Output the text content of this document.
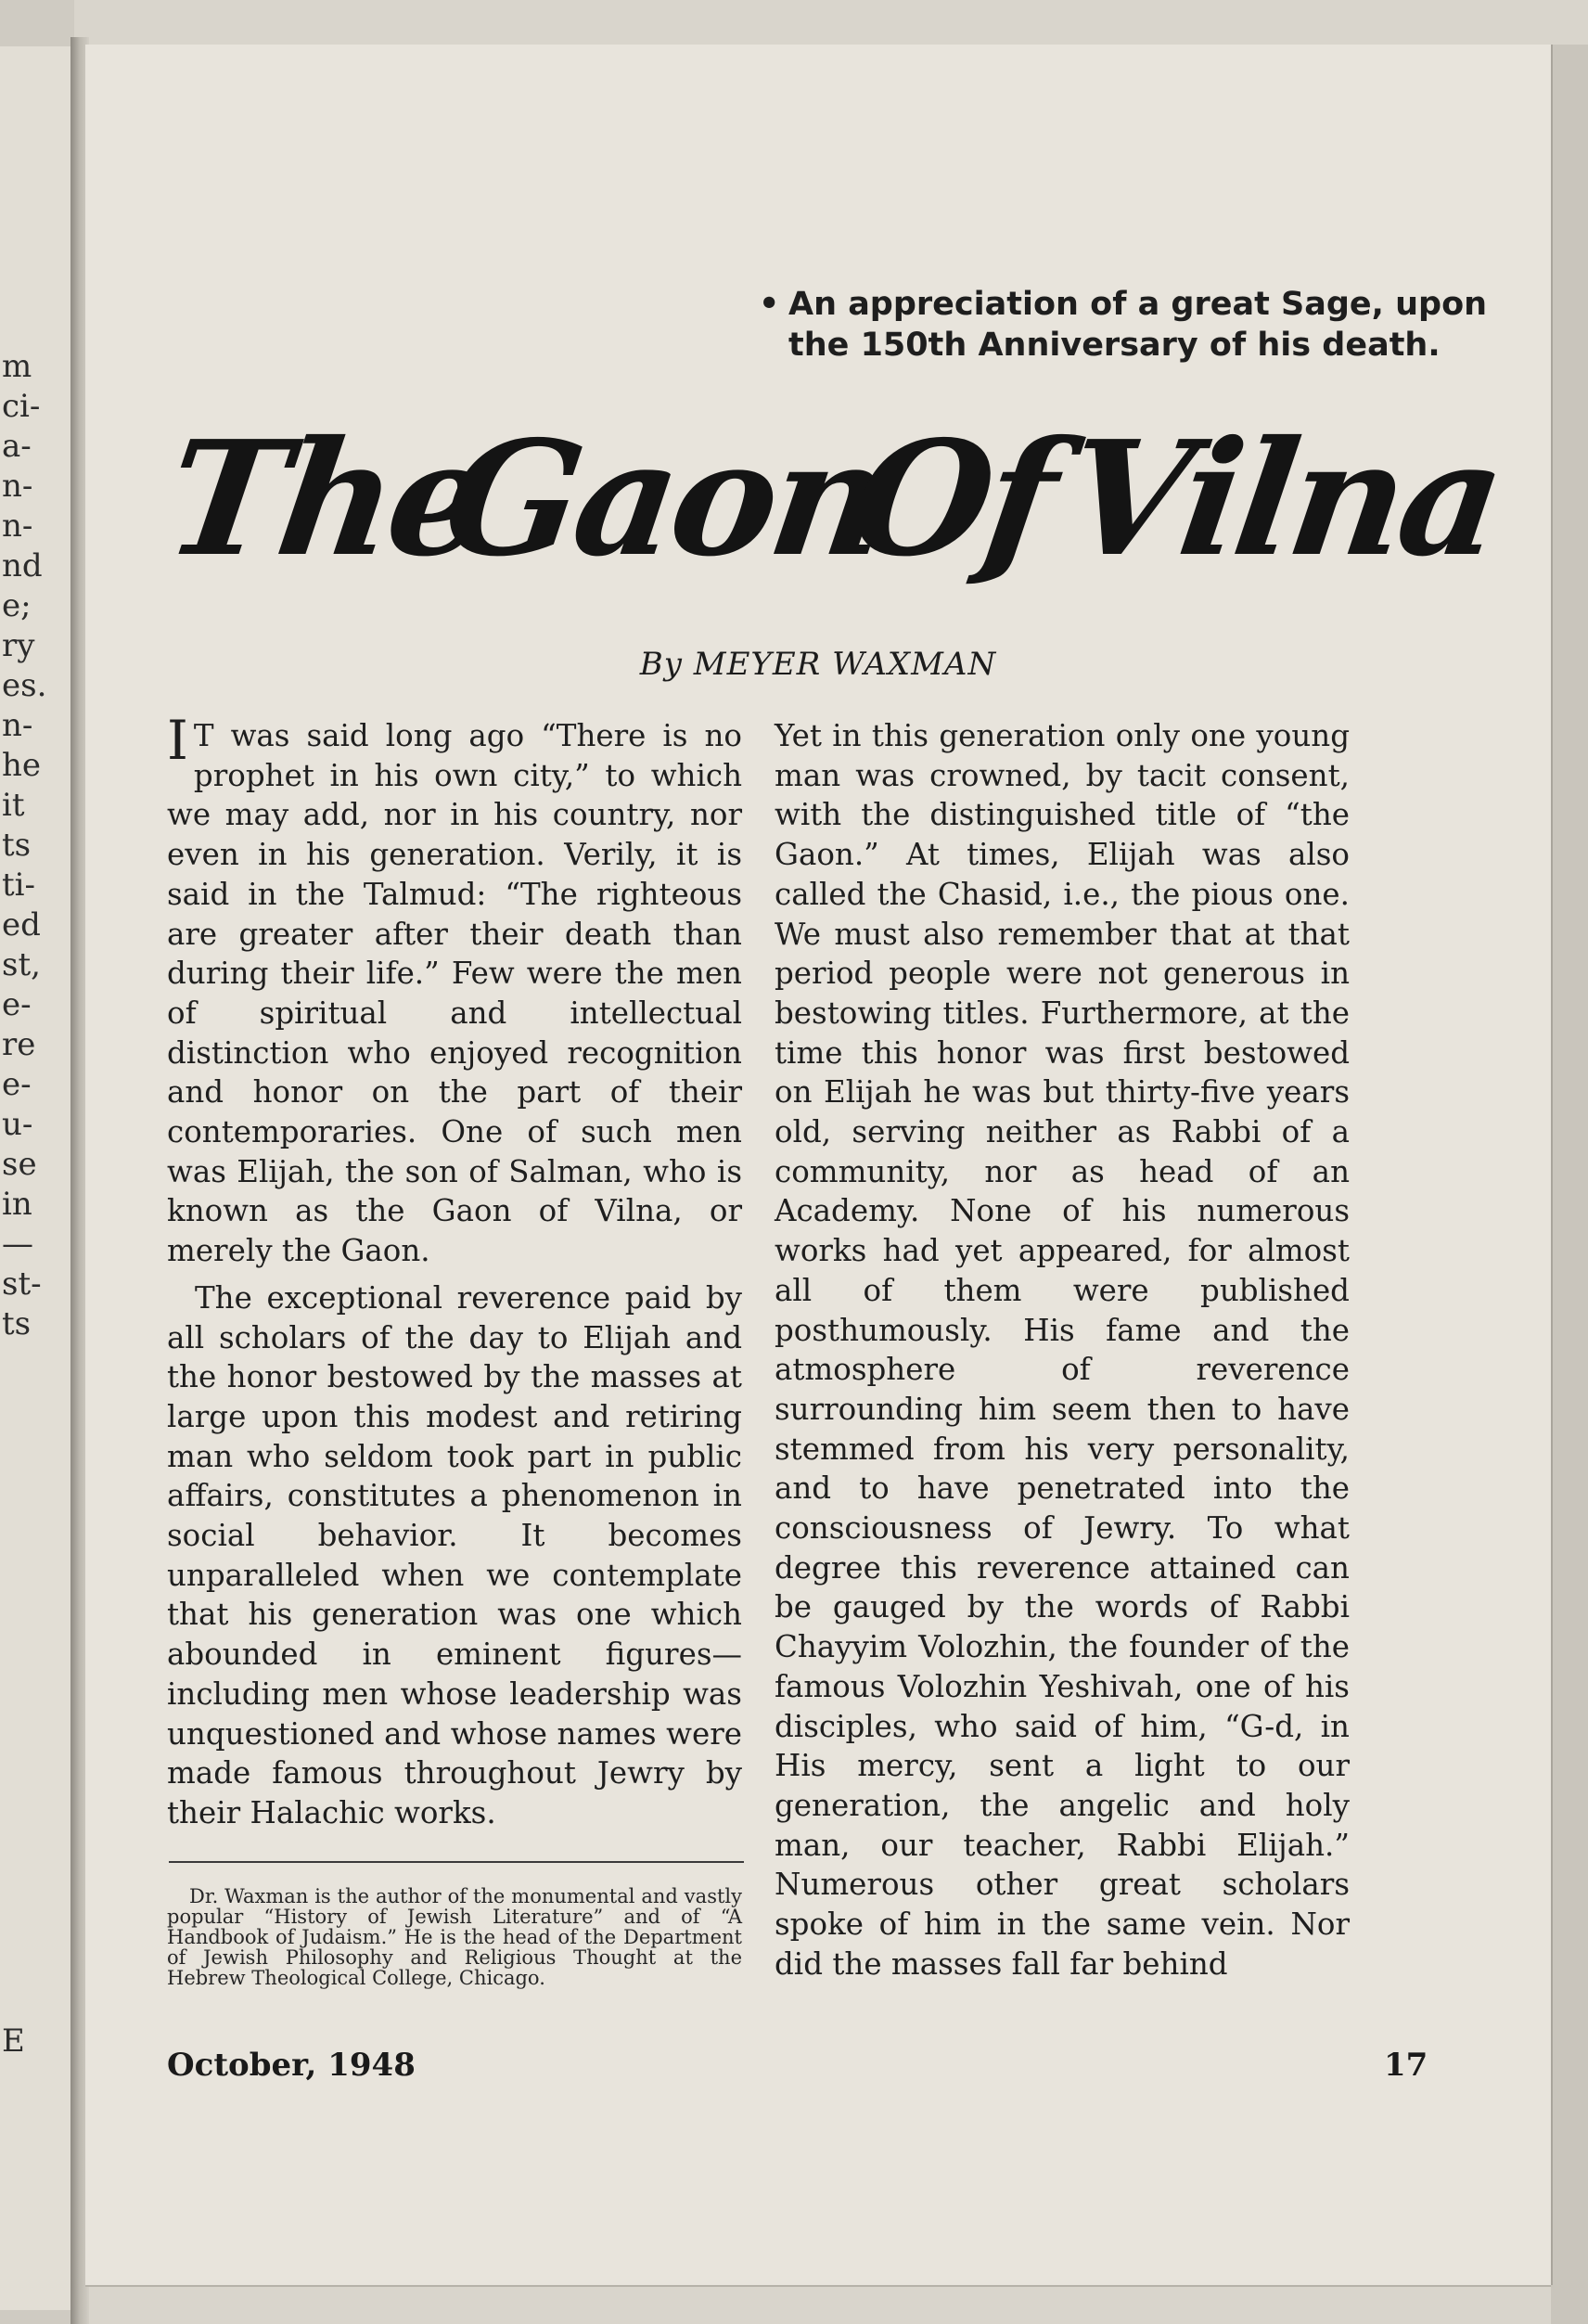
m
ci-
a-
n-
n-
nd
e;
ry
es.
n-
he
it
ts
ti-
ed
st,
e-
re
e-
u-
se
in
—
st-
ts
E
• An appreciation of a great Sage, upon the 150th Anniversary of his death.
The
Gaon
Of
Vilna
By MEYER WAXMAN

IT was said long ago “There is no prophet in his own city,” to which we may add, nor in his country, nor even in his generation. Verily, it is said in the Talmud: “The righteous are greater after their death than during their life.” Few were the men of spiritual and intellectual distinction who enjoyed recognition and honor on the part of their contemporaries. One of such men was Elijah, the son of Salman, who is known as the Gaon of Vilna, or merely the Gaon.

The exceptional reverence paid by all scholars of the day to Elijah and the honor bestowed by the masses at large upon this modest and retiring man who seldom took part in public affairs, constitutes a phenomenon in social behavior. It becomes unparalleled when we contemplate that his generation was one which abounded in eminent figures—including men whose leadership was unquestioned and whose names were made famous throughout Jewry by their Halachic works.

Yet in this generation only one young man was crowned, by tacit consent, with the distinguished title of “the Gaon.” At times, Elijah was also called the Chasid, i.e., the pious one. We must also remember that at that period people were not generous in bestowing titles. Furthermore, at the time this honor was first bestowed on Elijah he was but thirty-five years old, serving neither as Rabbi of a community, nor as head of an Academy. None of his numerous works had yet appeared, for almost all of them were published posthumously. His fame and the atmosphere of reverence surrounding him seem then to have stemmed from his very personality, and to have penetrated into the consciousness of Jewry. To what degree this reverence attained can be gauged by the words of Rabbi Chayyim Volozhin, the founder of the famous Volozhin Yeshivah, one of his disciples, who said of him, “G-d, in His mercy, sent a light to our generation, the angelic and holy man, our teacher, Rabbi Elijah.” Numerous other great scholars spoke of him in the same vein. Nor did the masses fall far behind

Dr. Waxman is the author of the monumental and vastly popular “History of Jewish Literature” and of “A Handbook of Judaism.” He is the head of the Department of Jewish Philosophy and Religious Thought at the Hebrew Theological College, Chicago.

October, 1948	17
